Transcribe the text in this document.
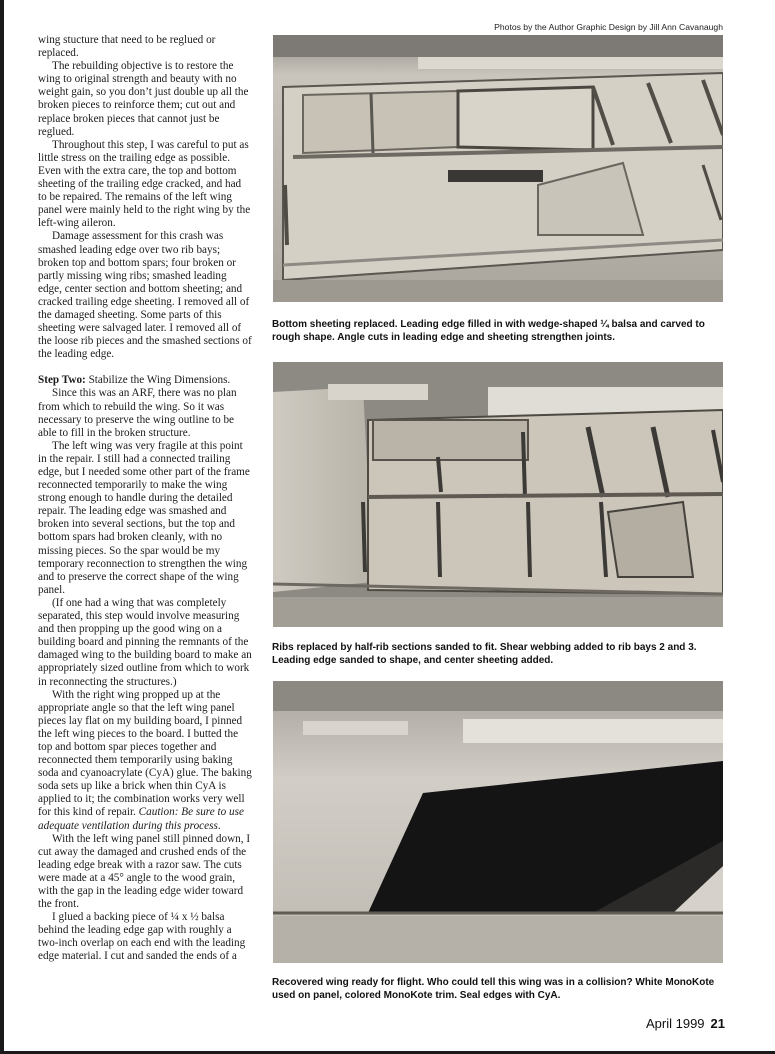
Photos by the Author Graphic Design by Jill Ann Cavanaugh

wing stucture that need to be reglued or replaced.

The rebuilding objective is to restore the wing to original strength and beauty with no weight gain, so you don’t just double up all the broken pieces to reinforce them; cut out and replace broken pieces that cannot just be reglued.

Throughout this step, I was careful to put as little stress on the trailing edge as possible. Even with the extra care, the top and bottom sheeting of the trailing edge cracked, and had to be repaired. The remains of the left wing panel were mainly held to the right wing by the left-wing aileron.

Damage assessment for this crash was smashed leading edge over two rib bays; broken top and bottom spars; four broken or partly missing wing ribs; smashed leading edge, center section and bottom sheeting; and cracked trailing edge sheeting. I removed all of the damaged sheeting. Some parts of this sheeting were salvaged later. I removed all of the loose rib pieces and the smashed sections of the leading edge.

Step Two: Stabilize the Wing Dimensions.

Since this was an ARF, there was no plan from which to rebuild the wing. So it was necessary to preserve the wing outline to be able to fill in the broken structure.

The left wing was very fragile at this point in the repair. I still had a connected trailing edge, but I needed some other part of the frame reconnected temporarily to make the wing strong enough to handle during the detailed repair. The leading edge was smashed and broken into several sections, but the top and bottom spars had broken cleanly, with no missing pieces. So the spar would be my temporary reconnection to strengthen the wing and to preserve the correct shape of the wing panel.

(If one had a wing that was completely separated, this step would involve measuring and then propping up the good wing on a building board and pinning the remnants of the damaged wing to the building board to make an appropriately sized outline from which to work in reconnecting the structures.)

With the right wing propped up at the appropriate angle so that the left wing panel pieces lay flat on my building board, I pinned the left wing pieces to the board. I butted the top and bottom spar pieces together and reconnected them temporarily using baking soda and cyanoacrylate (CyA) glue. The baking soda sets up like a brick when thin CyA is applied to it; the combination works very well for this kind of repair. Caution: Be sure to use adequate ventilation during this process.

With the left wing panel still pinned down, I cut away the damaged and crushed ends of the leading edge break with a razor saw. The cuts were made at a 45° angle to the wood grain, with the gap in the leading edge wider toward the front.

I glued a backing piece of ¼ x ½ balsa behind the leading edge gap with roughly a two-inch overlap on each end with the leading edge material. I cut and sanded the ends of a

Bottom sheeting replaced. Leading edge filled in with wedge-shaped ¼ balsa and carved to rough shape. Angle cuts in leading edge and sheeting strengthen joints.
Ribs replaced by half-rib sections sanded to fit. Shear webbing added to rib bays 2 and 3. Leading edge sanded to shape, and center sheeting added.
Recovered wing ready for flight. Who could tell this wing was in a collision? White MonoKote used on panel, colored MonoKote trim. Seal edges with CyA.
April 1999 21
